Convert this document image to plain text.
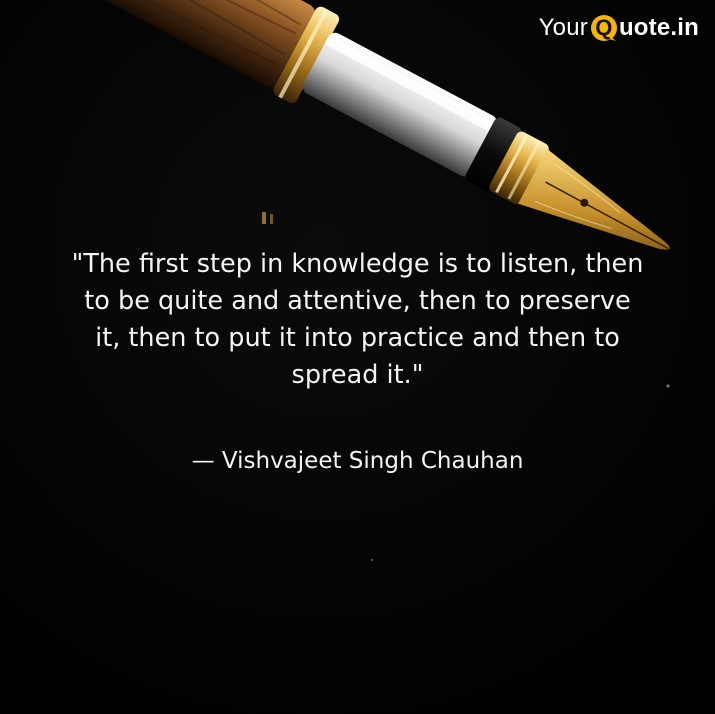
Your Q uote.in
"The first step in knowledge is to listen, then
to be quite and attentive, then to preserve
it, then to put it into practice and then to
spread it."
— Vishvajeet Singh Chauhan
